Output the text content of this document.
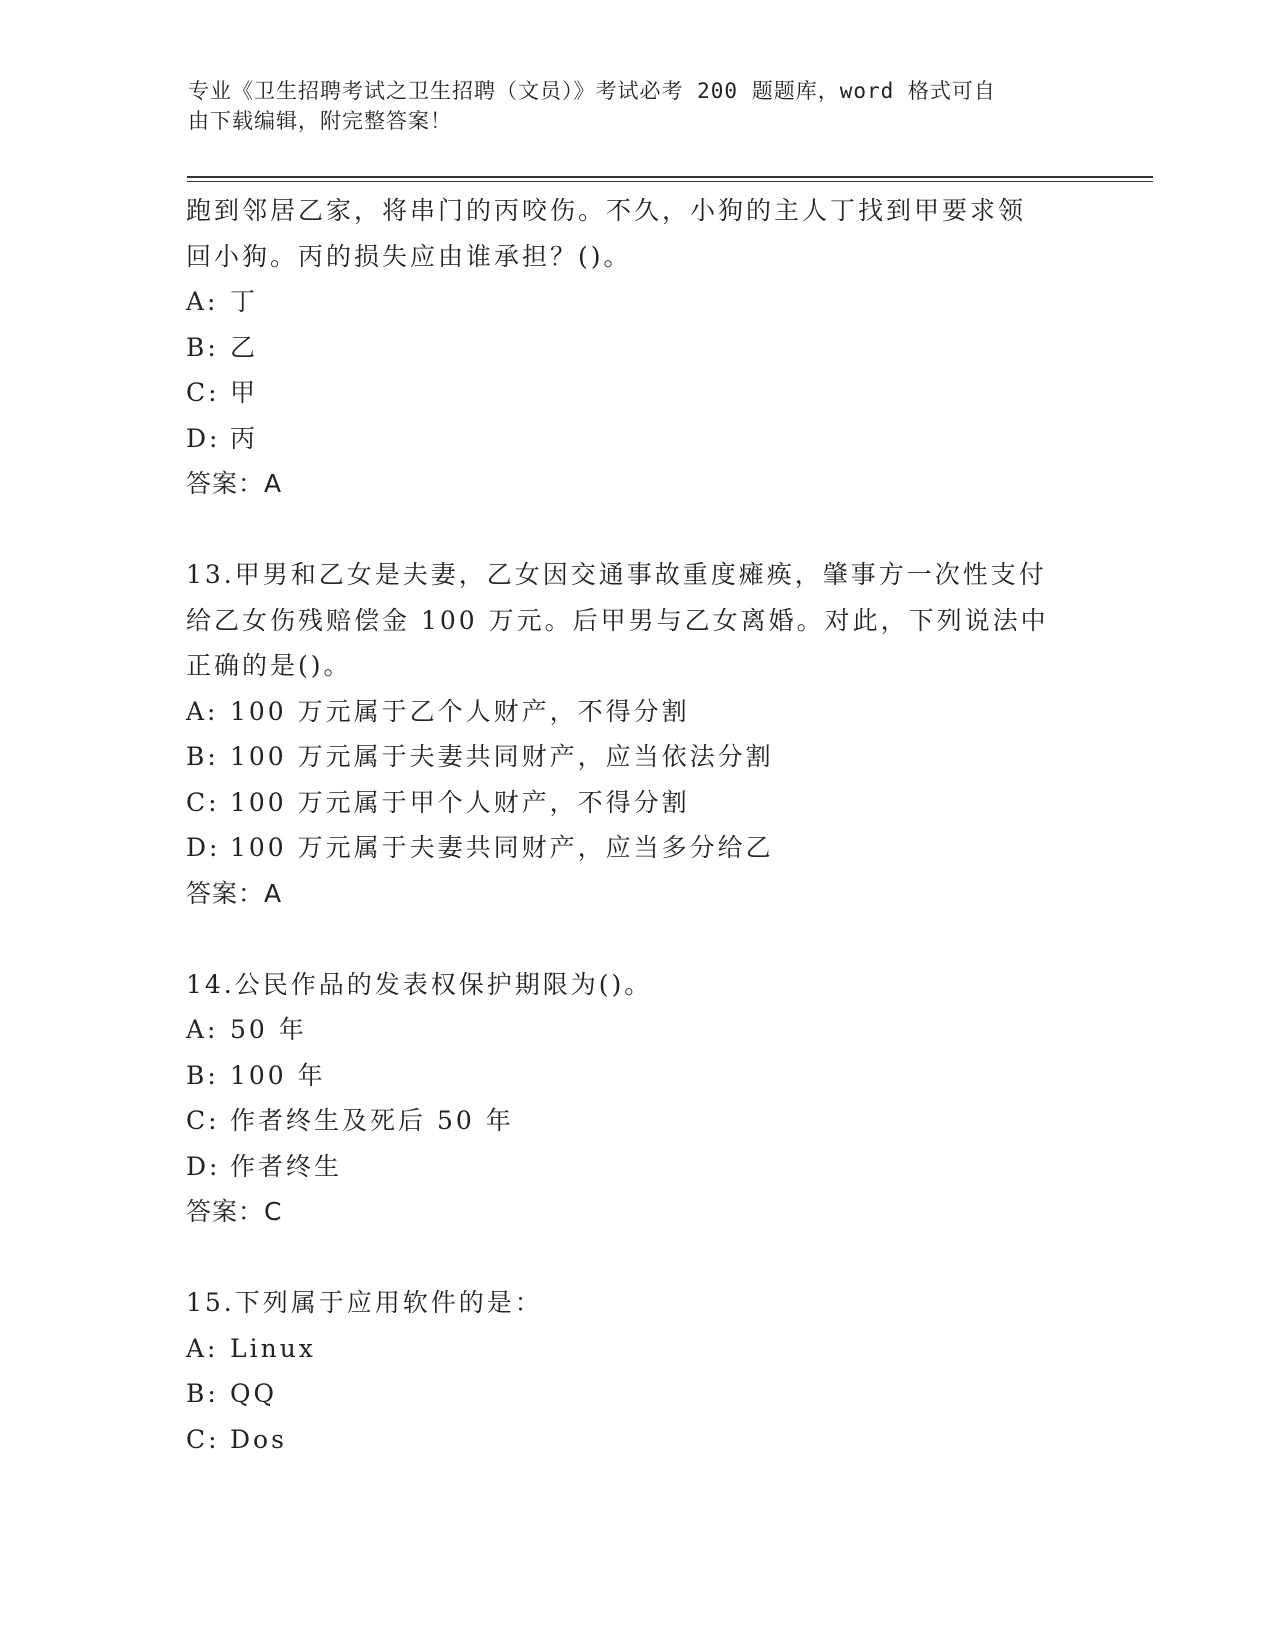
专业《卫生招聘考试之卫生招聘（文员）》考试必考 200 题题库，word 格式可自
由下载编辑，附完整答案！
跑到邻居乙家，将串门的丙咬伤。不久，小狗的主人丁找到甲要求领
回小狗。丙的损失应由谁承担？()。
A: 丁
B: 乙
C: 甲
D: 丙
答案：A
13.甲男和乙女是夫妻，乙女因交通事故重度瘫痪，肇事方一次性支付
给乙女伤残赔偿金 100 万元。后甲男与乙女离婚。对此，下列说法中
正确的是()。
A: 100 万元属于乙个人财产，不得分割
B: 100 万元属于夫妻共同财产，应当依法分割
C: 100 万元属于甲个人财产，不得分割
D: 100 万元属于夫妻共同财产，应当多分给乙
答案：A
14.公民作品的发表权保护期限为()。
A: 50 年
B: 100 年
C: 作者终生及死后 50 年
D: 作者终生
答案：C
15.下列属于应用软件的是：
A: Linux
B: QQ
C: Dos
